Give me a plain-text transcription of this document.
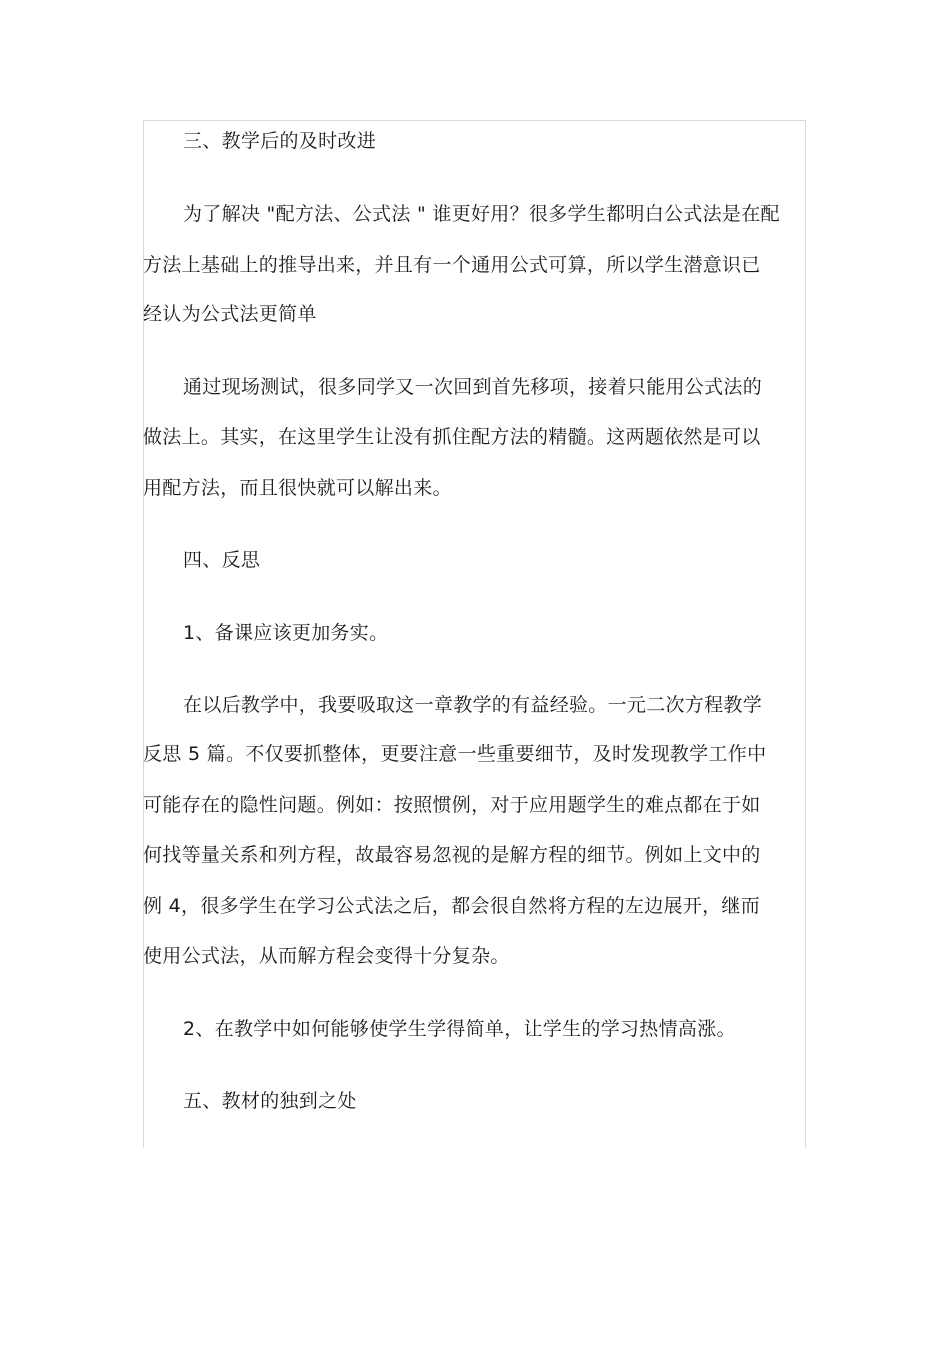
三、教学后的及时改进
为了解决 "配方法、公式法 " 谁更好用？很多学生都明白公式法是在配
方法上基础上的推导出来，并且有一个通用公式可算，所以学生潜意识已
经认为公式法更简单
通过现场测试，很多同学又一次回到首先移项，接着只能用公式法的
做法上。其实，在这里学生让没有抓住配方法的精髓。这两题依然是可以
用配方法，而且很快就可以解出来。
四、反思
1、备课应该更加务实。
在以后教学中，我要吸取这一章教学的有益经验。一元二次方程教学
反思 5 篇。不仅要抓整体，更要注意一些重要细节，及时发现教学工作中
可能存在的隐性问题。例如：按照惯例，对于应用题学生的难点都在于如
何找等量关系和列方程，故最容易忽视的是解方程的细节。例如上文中的
例 4，很多学生在学习公式法之后，都会很自然将方程的左边展开，继而
使用公式法，从而解方程会变得十分复杂。
2、在教学中如何能够使学生学得简单，让学生的学习热情高涨。
五、教材的独到之处
